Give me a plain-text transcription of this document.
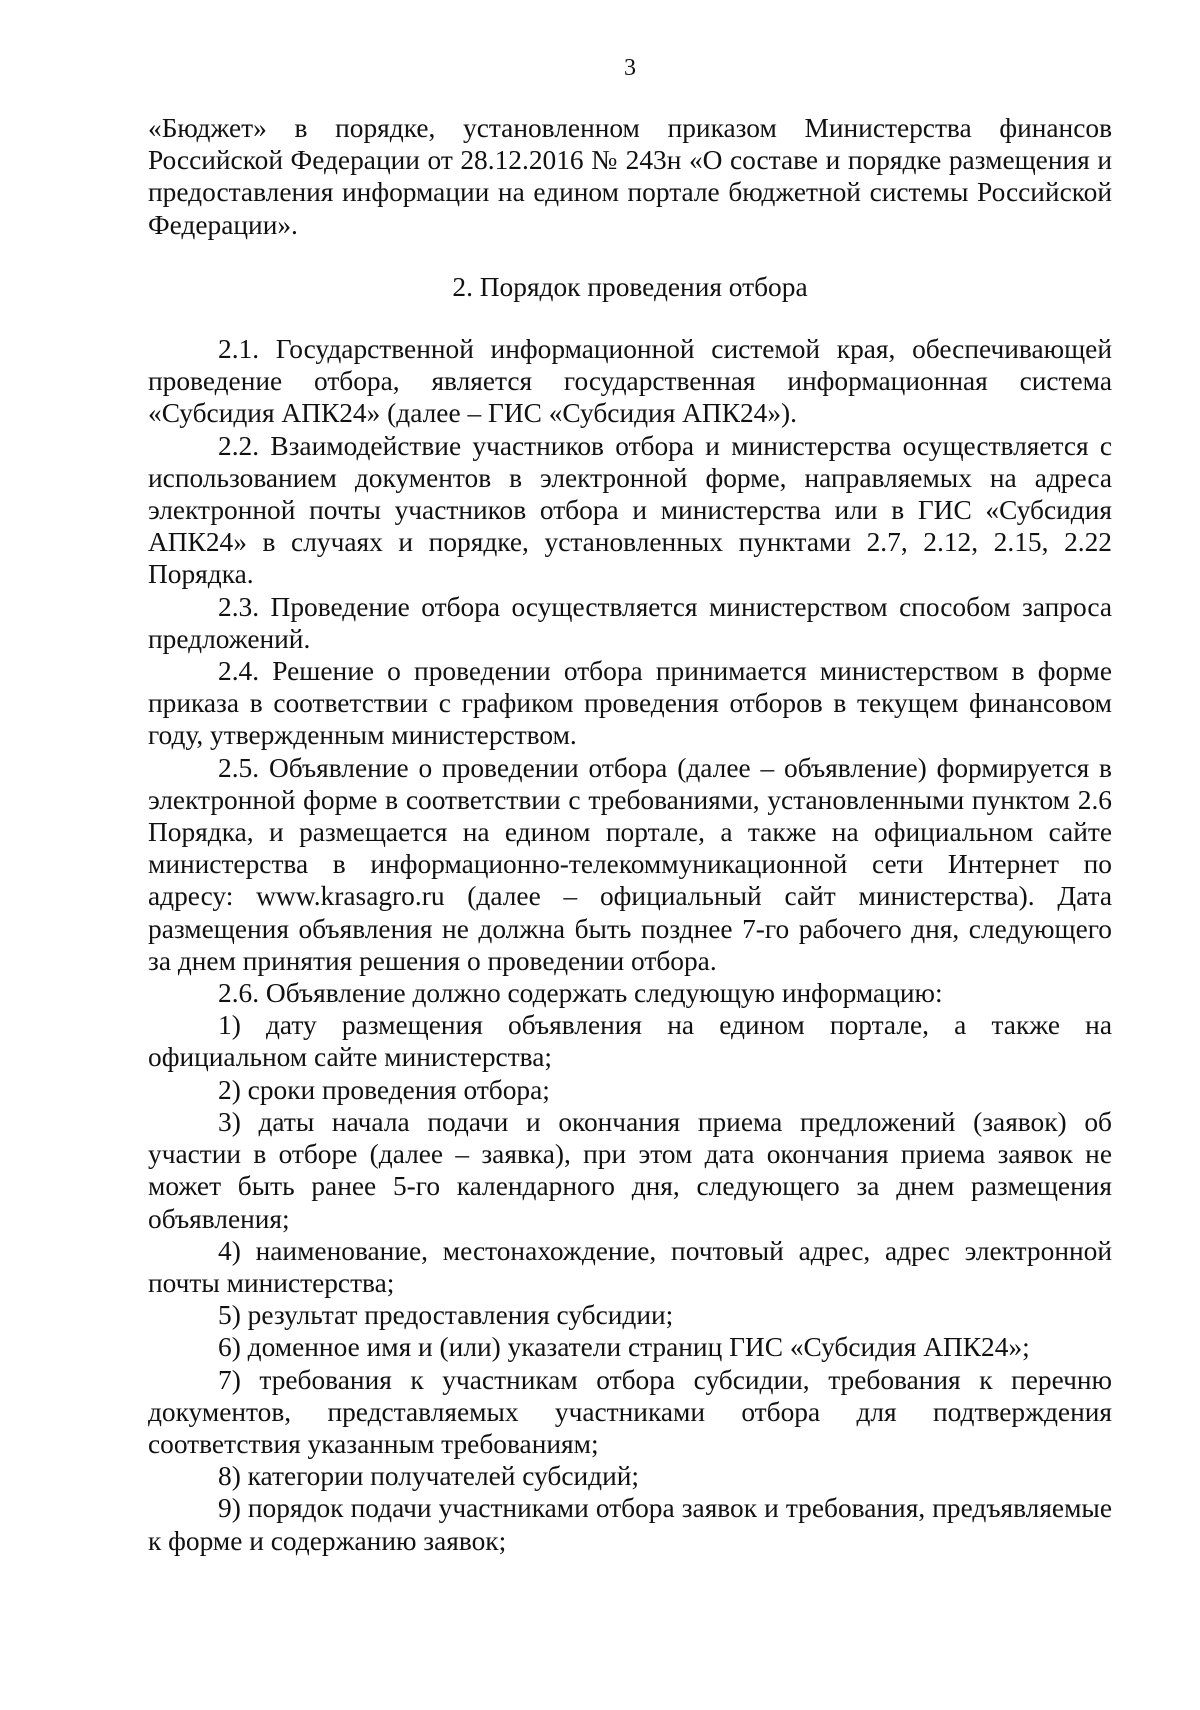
3

«Бюджет» в порядке, установленном приказом Министерства финансов Российской Федерации от 28.12.2016 № 243н «О составе и порядке размещения и предоставления информации на едином портале бюджетной системы Российской Федерации».

2. Порядок проведения отбора

2.1. Государственной информационной системой края, обеспечивающей проведение отбора, является государственная информационная система «Субсидия АПК24» (далее – ГИС «Субсидия АПК24»).

2.2. Взаимодействие участников отбора и министерства осуществляется с использованием документов в электронной форме, направляемых на адреса электронной почты участников отбора и министерства или в ГИС «Субсидия АПК24» в случаях и порядке, установленных пунктами 2.7, 2.12, 2.15, 2.22 Порядка.

2.3. Проведение отбора осуществляется министерством способом запроса предложений.

2.4. Решение о проведении отбора принимается министерством в форме приказа в соответствии с графиком проведения отборов в текущем финансовом году, утвержденным министерством.

2.5. Объявление о проведении отбора (далее – объявление) формируется в электронной форме в соответствии с требованиями, установленными пунктом 2.6 Порядка, и размещается на едином портале, а также на официальном сайте министерства в информационно-телекоммуникационной сети Интернет по адресу: www.krasagro.ru (далее – официальный сайт министерства). Дата размещения объявления не должна быть позднее 7-го рабочего дня, следующего за днем принятия решения о проведении отбора.

2.6. Объявление должно содержать следующую информацию:

1) дату размещения объявления на едином портале, а также на официальном сайте министерства;

2) сроки проведения отбора;

3) даты начала подачи и окончания приема предложений (заявок) об участии в отборе (далее – заявка), при этом дата окончания приема заявок не может быть ранее 5-го календарного дня, следующего за днем размещения объявления;

4) наименование, местонахождение, почтовый адрес, адрес электронной почты министерства;

5) результат предоставления субсидии;

6) доменное имя и (или) указатели страниц ГИС «Субсидия АПК24»;

7) требования к участникам отбора субсидии, требования к перечню документов, представляемых участниками отбора для подтверждения соответствия указанным требованиям;

8) категории получателей субсидий;

9) порядок подачи участниками отбора заявок и требования, предъявляемые к форме и содержанию заявок;
